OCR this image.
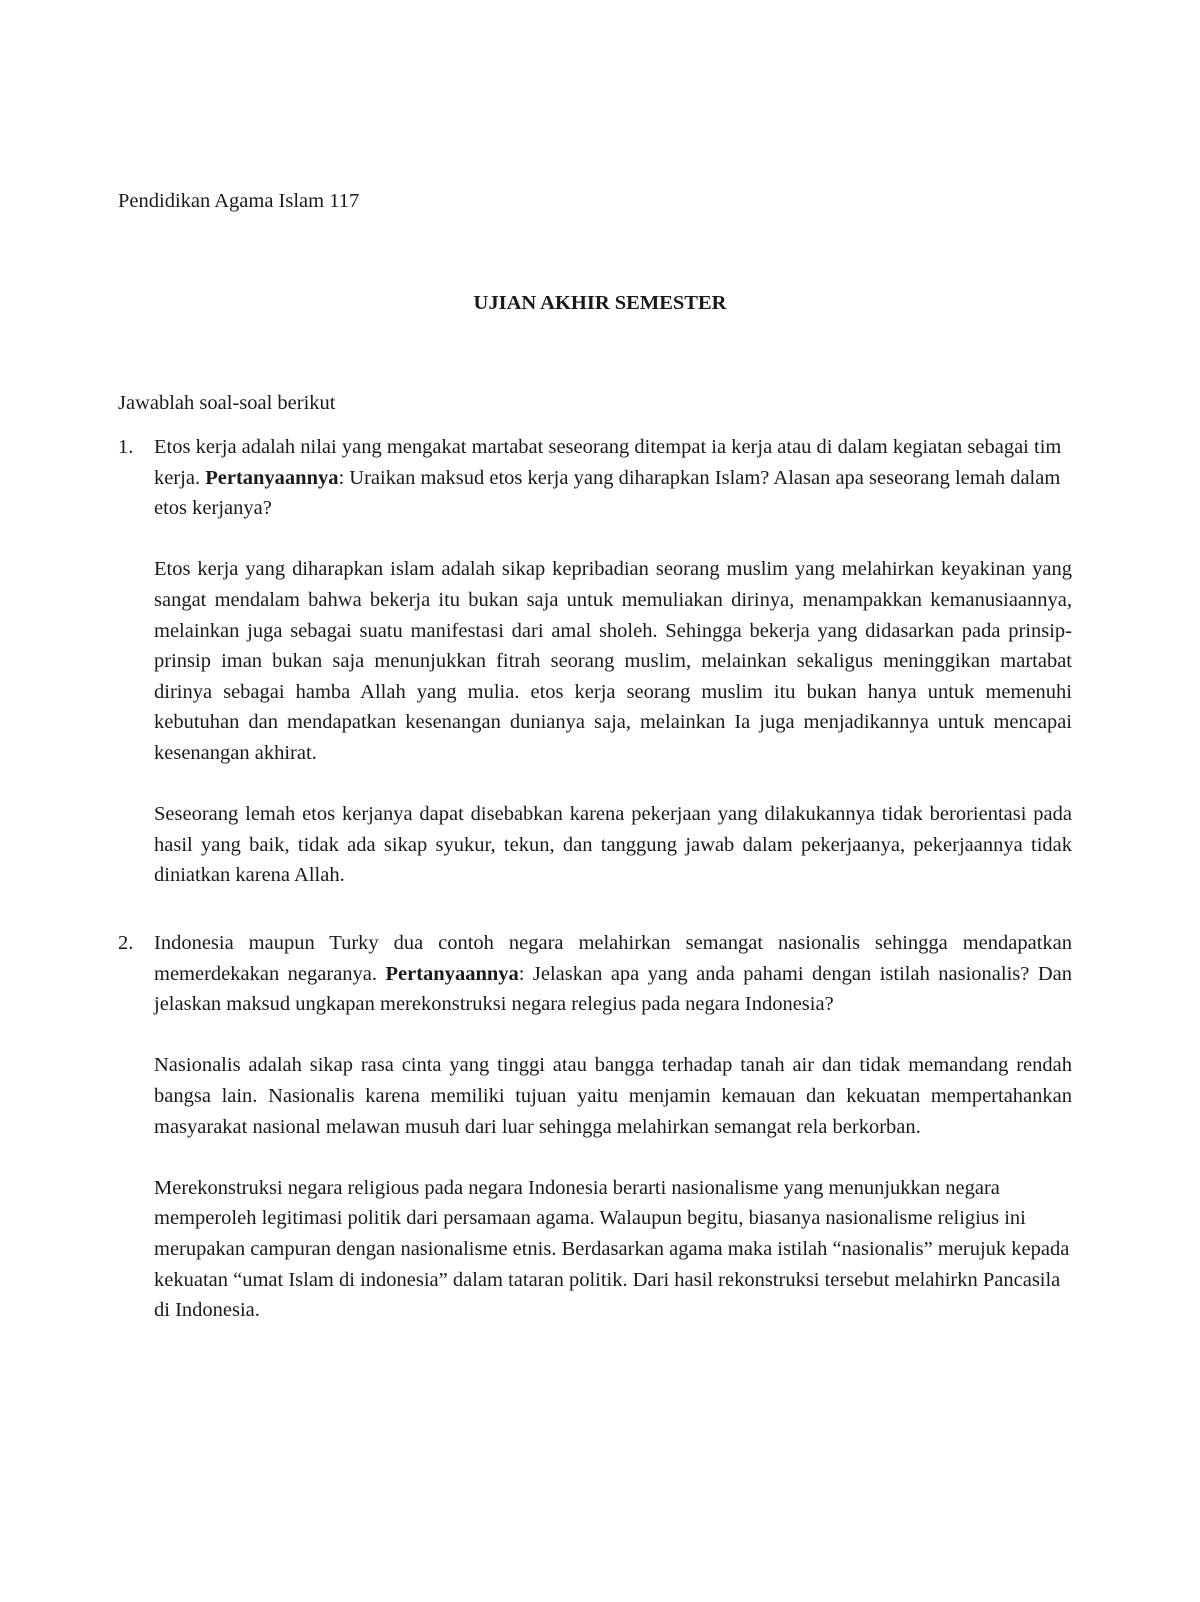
Pendidikan Agama Islam 117
UJIAN AKHIR SEMESTER
Jawablah soal-soal berikut
1.	Etos kerja adalah nilai yang mengakat martabat seseorang ditempat ia kerja atau di dalam kegiatan sebagai tim kerja. Pertanyaannya: Uraikan maksud etos kerja yang diharapkan Islam? Alasan apa seseorang lemah dalam etos kerjanya?

Etos kerja yang diharapkan islam adalah sikap kepribadian seorang muslim yang melahirkan keyakinan yang sangat mendalam bahwa bekerja itu bukan saja untuk memuliakan dirinya, menampakkan kemanusiaannya, melainkan juga sebagai suatu manifestasi dari amal sholeh. Sehingga bekerja yang didasarkan pada prinsip-prinsip iman bukan saja menunjukkan fitrah seorang muslim, melainkan sekaligus meninggikan martabat dirinya sebagai hamba Allah yang mulia. etos kerja seorang muslim itu bukan hanya untuk memenuhi kebutuhan dan mendapatkan kesenangan dunianya saja, melainkan Ia juga menjadikannya untuk mencapai kesenangan akhirat.

Seseorang lemah etos kerjanya dapat disebabkan karena pekerjaan yang dilakukannya tidak berorientasi pada hasil yang baik, tidak ada sikap syukur, tekun, dan tanggung jawab dalam pekerjaanya, pekerjaannya tidak diniatkan karena Allah.

2.	Indonesia maupun Turky dua contoh negara melahirkan semangat nasionalis sehingga mendapatkan memerdekakan negaranya. Pertanyaannya: Jelaskan apa yang anda pahami dengan istilah nasionalis? Dan jelaskan maksud ungkapan merekonstruksi negara relegius pada negara Indonesia?

Nasionalis adalah sikap rasa cinta yang tinggi atau bangga terhadap tanah air dan tidak memandang rendah bangsa lain. Nasionalis karena memiliki tujuan yaitu menjamin kemauan dan kekuatan mempertahankan masyarakat nasional melawan musuh dari luar sehingga melahirkan semangat rela berkorban.

Merekonstruksi negara religious pada negara Indonesia berarti nasionalisme yang menunjukkan negara memperoleh legitimasi politik dari persamaan agama. Walaupun begitu, biasanya nasionalisme religius ini merupakan campuran dengan nasionalisme etnis. Berdasarkan agama maka istilah “nasionalis” merujuk kepada kekuatan “umat Islam di indonesia” dalam tataran politik. Dari hasil rekonstruksi tersebut melahirkn Pancasila di Indonesia.
